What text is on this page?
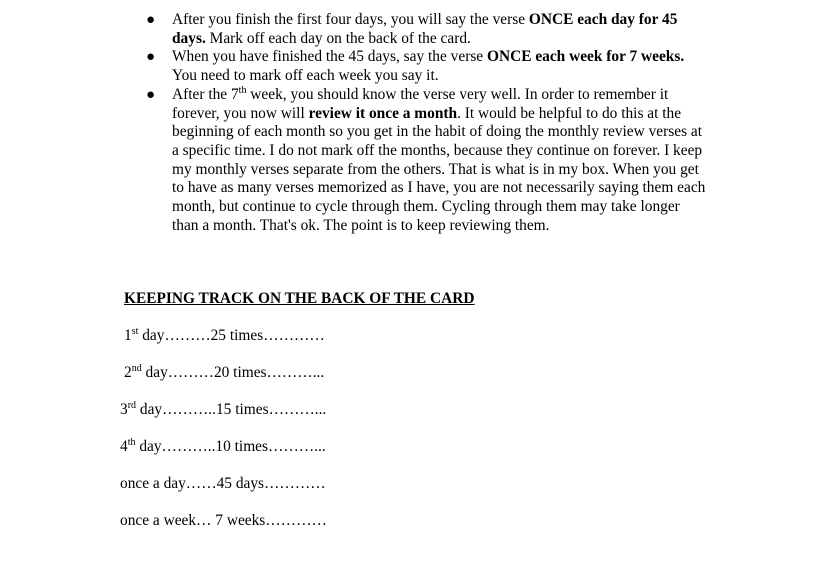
● After you finish the first four days, you will say the verse ONCE each day for 45 days. Mark off each day on the back of the card.
● When you have finished the 45 days, say the verse ONCE each week for 7 weeks. You need to mark off each week you say it.
● After the 7th week, you should know the verse very well. In order to remember it forever, you now will review it once a month. It would be helpful to do this at the beginning of each month so you get in the habit of doing the monthly review verses at a specific time. I do not mark off the months, because they continue on forever. I keep my monthly verses separate from the others. That is what is in my box. When you get to have as many verses memorized as I have, you are not necessarily saying them each month, but continue to cycle through them. Cycling through them may take longer than a month. That's ok. The point is to keep reviewing them.

KEEPING TRACK ON THE BACK OF THE CARD

1st day………25 times…………

2nd day………20 times………...

3rd day………..15 times………...

4th day………..10 times………...

once a day……45 days…………

once a week… 7 weeks…………
